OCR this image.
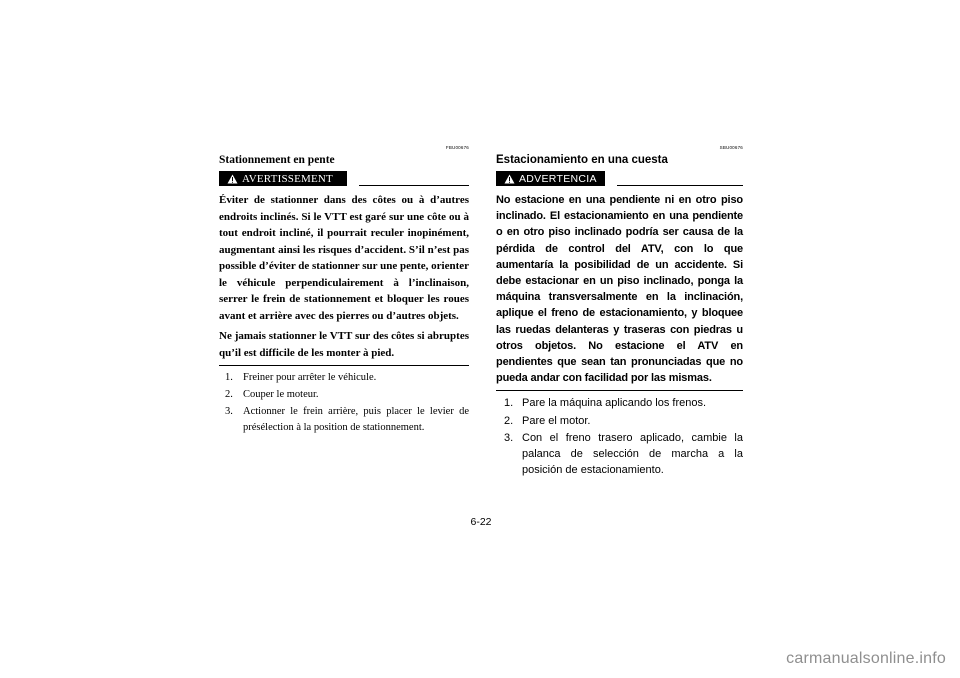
FBU00676
Stationnement en pente
AVERTISSEMENT

Éviter de stationner dans des côtes ou à d’autres endroits inclinés. Si le VTT est garé sur une côte ou à tout endroit incliné, il pourrait reculer inopinément, augmentant ainsi les risques d’accident. S’il n’est pas possible d’éviter de stationner sur une pente, orienter le véhicule perpendiculairement à l’inclinaison, serrer le frein de stationnement et bloquer les roues avant et arrière avec des pierres ou d’autres objets.

Ne jamais stationner le VTT sur des côtes si abruptes qu’il est difficile de les monter à pied.

1. Freiner pour arrêter le véhicule.
2. Couper le moteur.
3. Actionner le frein arrière, puis placer le levier de présélection à la position de stationnement.
SBU00676
Estacionamiento en una cuesta
ADVERTENCIA

No estacione en una pendiente ni en otro piso inclinado. El estacionamiento en una pendiente o en otro piso inclinado podría ser causa de la pérdida de control del ATV, con lo que aumentaría la posibilidad de un accidente. Si debe estacionar en un piso inclinado, ponga la máquina transversalmente en la inclinación, aplique el freno de estacionamiento, y bloquee las ruedas delanteras y traseras con piedras u otros objetos. No estacione el ATV en pendientes que sean tan pronunciadas que no pueda andar con facilidad por las mismas.

1. Pare la máquina aplicando los frenos.
2. Pare el motor.
3. Con el freno trasero aplicado, cambie la palanca de selección de marcha a la posición de estacionamiento.
6-22
carmanualsonline.info
